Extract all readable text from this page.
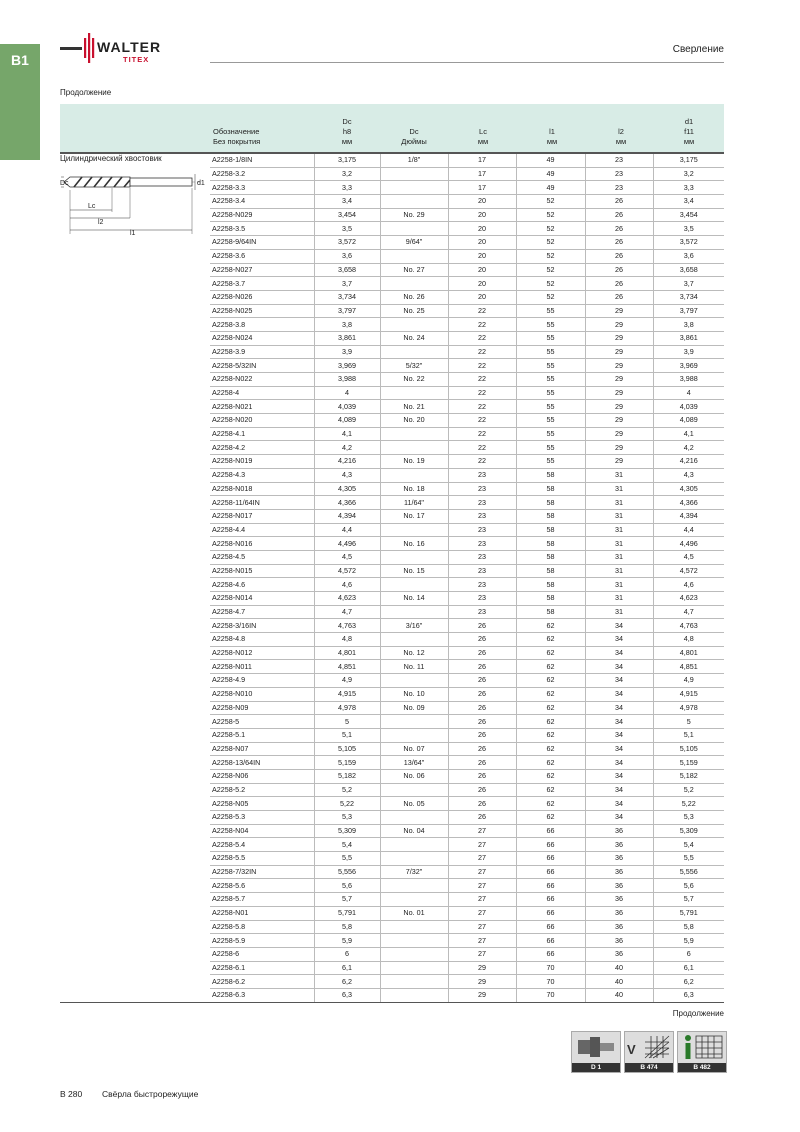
B1
WALTER
TITEX
Сверление
Продолжение
Обозначение
Без покрытия
Dc
h8
мм
Dc
Дюймы
Lc
мм
l1
мм
l2
мм
d1
f11
мм
Цилиндрический хвостовик
Dc	d1
Lc
l2
l1
A2258-1/8IN	3,175	1/8"	17	49	23	3,175
A2258-3.2	3,2		17	49	23	3,2
A2258-3.3	3,3		17	49	23	3,3
A2258-3.4	3,4		20	52	26	3,4
A2258-N029	3,454	No. 29	20	52	26	3,454
A2258-3.5	3,5		20	52	26	3,5
A2258-9/64IN	3,572	9/64"	20	52	26	3,572
A2258-3.6	3,6		20	52	26	3,6
A2258-N027	3,658	No. 27	20	52	26	3,658
A2258-3.7	3,7		20	52	26	3,7
A2258-N026	3,734	No. 26	20	52	26	3,734
A2258-N025	3,797	No. 25	22	55	29	3,797
A2258-3.8	3,8		22	55	29	3,8
A2258-N024	3,861	No. 24	22	55	29	3,861
A2258-3.9	3,9		22	55	29	3,9
A2258-5/32IN	3,969	5/32"	22	55	29	3,969
A2258-N022	3,988	No. 22	22	55	29	3,988
A2258-4	4		22	55	29	4
A2258-N021	4,039	No. 21	22	55	29	4,039
A2258-N020	4,089	No. 20	22	55	29	4,089
A2258-4.1	4,1		22	55	29	4,1
A2258-4.2	4,2		22	55	29	4,2
A2258-N019	4,216	No. 19	22	55	29	4,216
A2258-4.3	4,3		23	58	31	4,3
A2258-N018	4,305	No. 18	23	58	31	4,305
A2258-11/64IN	4,366	11/64"	23	58	31	4,366
A2258-N017	4,394	No. 17	23	58	31	4,394
A2258-4.4	4,4		23	58	31	4,4
A2258-N016	4,496	No. 16	23	58	31	4,496
A2258-4.5	4,5		23	58	31	4,5
A2258-N015	4,572	No. 15	23	58	31	4,572
A2258-4.6	4,6		23	58	31	4,6
A2258-N014	4,623	No. 14	23	58	31	4,623
A2258-4.7	4,7		23	58	31	4,7
A2258-3/16IN	4,763	3/16"	26	62	34	4,763
A2258-4.8	4,8		26	62	34	4,8
A2258-N012	4,801	No. 12	26	62	34	4,801
A2258-N011	4,851	No. 11	26	62	34	4,851
A2258-4.9	4,9		26	62	34	4,9
A2258-N010	4,915	No. 10	26	62	34	4,915
A2258-N09	4,978	No. 09	26	62	34	4,978
A2258-5	5		26	62	34	5
A2258-5.1	5,1		26	62	34	5,1
A2258-N07	5,105	No. 07	26	62	34	5,105
A2258-13/64IN	5,159	13/64"	26	62	34	5,159
A2258-N06	5,182	No. 06	26	62	34	5,182
A2258-5.2	5,2		26	62	34	5,2
A2258-N05	5,22	No. 05	26	62	34	5,22
A2258-5.3	5,3		26	62	34	5,3
A2258-N04	5,309	No. 04	27	66	36	5,309
A2258-5.4	5,4		27	66	36	5,4
A2258-5.5	5,5		27	66	36	5,5
A2258-7/32IN	5,556	7/32"	27	66	36	5,556
A2258-5.6	5,6		27	66	36	5,6
A2258-5.7	5,7		27	66	36	5,7
A2258-N01	5,791	No. 01	27	66	36	5,791
A2258-5.8	5,8		27	66	36	5,8
A2258-5.9	5,9		27	66	36	5,9
A2258-6	6		27	66	36	6
A2258-6.1	6,1		29	70	40	6,1
A2258-6.2	6,2		29	70	40	6,2
A2258-6.3	6,3		29	70	40	6,3
Продолжение
D 1
V
B 474	B 482
B 280 Свёрла быстрорежущие
